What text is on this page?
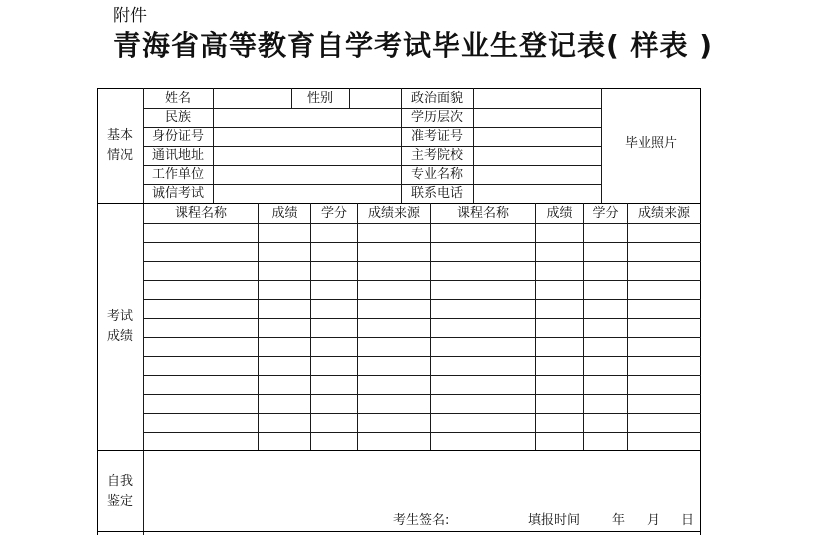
附件
青海省高等教育自学考试毕业生登记表( 样表 )
基本
情况
姓名	性别	政治面貌
民族	学历层次
身份证号	准考证号
通讯地址	主考院校
工作单位	专业名称
诚信考试	联系电话
毕业照片
考试
成绩
课程名称	成绩	学分	成绩来源	课程名称	成绩	学分	成绩来源
自我
鉴定
考生签名:	填报时间 年 月 日
